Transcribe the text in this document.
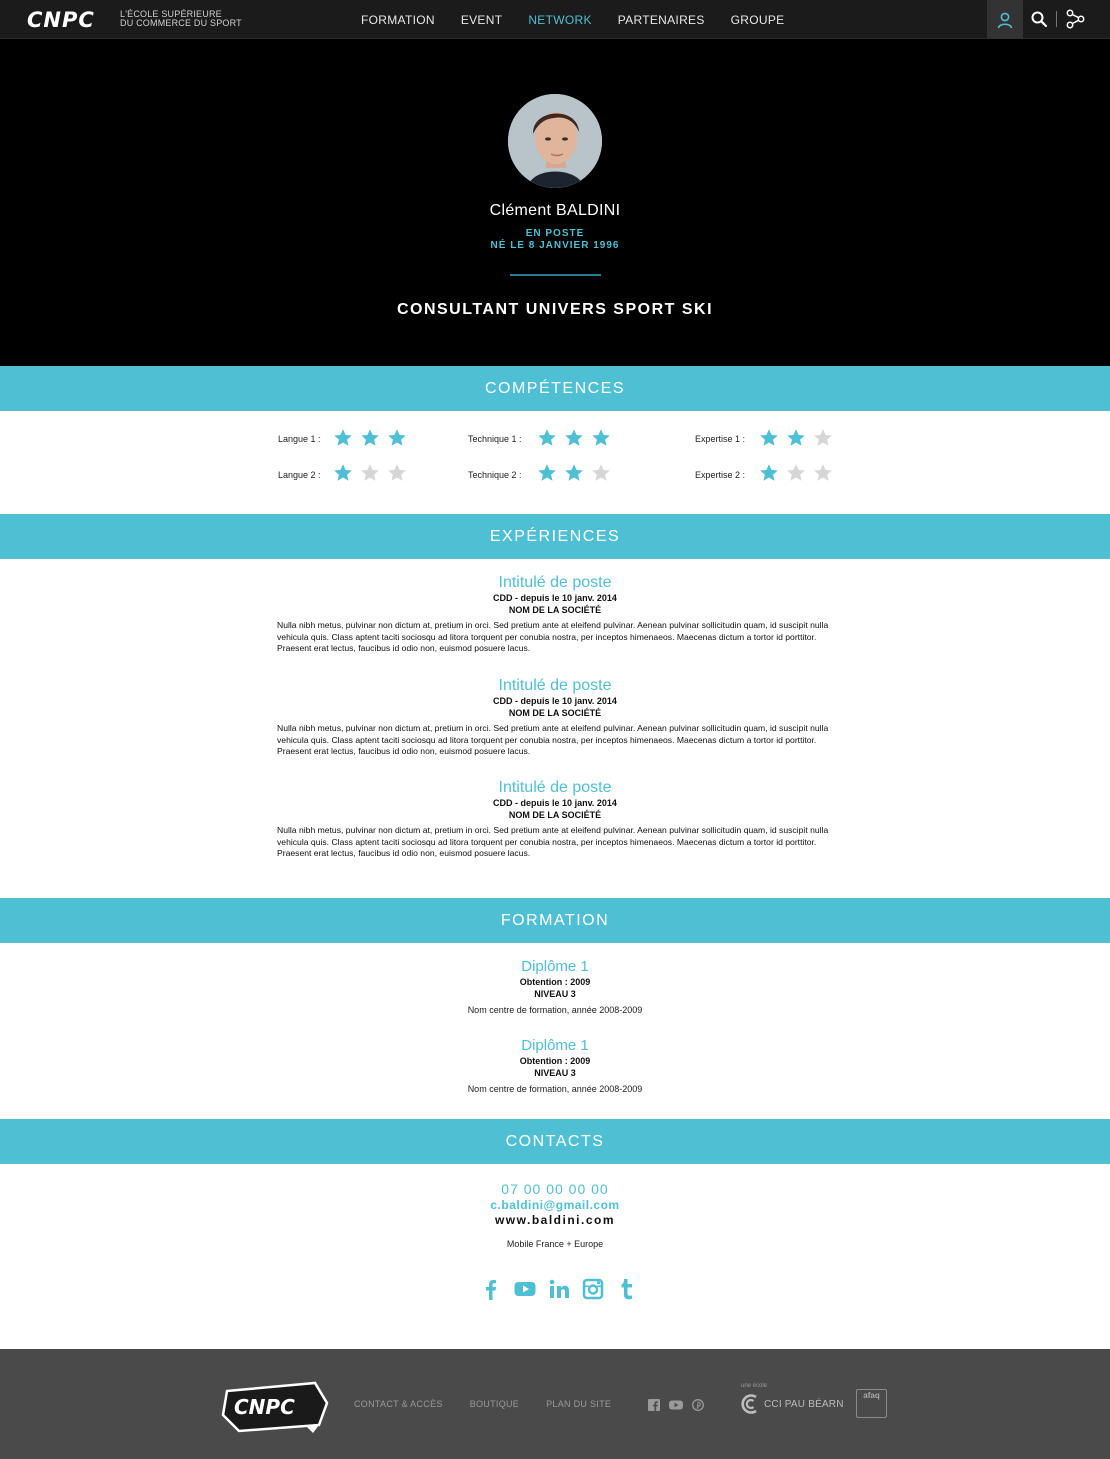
CNPC	L'ÉCOLE SUPÉRIEURE
DU COMMERCE DU SPORT	FORMATION EVENT NETWORK PARTENAIRES GROUPE
Clément BALDINI
EN POSTE
NÉ LE 8 JANVIER 1996
CONSULTANT UNIVERS SPORT SKI
COMPÉTENCES
Langue 1 :	Technique 1 :	Expertise 1 :
Langue 2 :	Technique 2 :	Expertise 2 :
EXPÉRIENCES
Intitulé de poste
CDD - depuis le 10 janv. 2014
NOM DE LA SOCIÉTÉ
Nulla nibh metus, pulvinar non dictum at, pretium in orci. Sed pretium ante at eleifend pulvinar. Aenean pulvinar sollicitudin quam, id suscipit nulla vehicula quis. Class aptent taciti sociosqu ad litora torquent per conubia nostra, per inceptos himenaeos. Maecenas dictum a tortor id porttitor. Praesent erat lectus, faucibus id odio non, euismod posuere lacus.
Intitulé de poste
CDD - depuis le 10 janv. 2014
NOM DE LA SOCIÉTÉ
Nulla nibh metus, pulvinar non dictum at, pretium in orci. Sed pretium ante at eleifend pulvinar. Aenean pulvinar sollicitudin quam, id suscipit nulla vehicula quis. Class aptent taciti sociosqu ad litora torquent per conubia nostra, per inceptos himenaeos. Maecenas dictum a tortor id porttitor. Praesent erat lectus, faucibus id odio non, euismod posuere lacus.
Intitulé de poste
CDD - depuis le 10 janv. 2014
NOM DE LA SOCIÉTÉ
Nulla nibh metus, pulvinar non dictum at, pretium in orci. Sed pretium ante at eleifend pulvinar. Aenean pulvinar sollicitudin quam, id suscipit nulla vehicula quis. Class aptent taciti sociosqu ad litora torquent per conubia nostra, per inceptos himenaeos. Maecenas dictum a tortor id porttitor. Praesent erat lectus, faucibus id odio non, euismod posuere lacus.
FORMATION
Diplôme 1
Obtention : 2009
NIVEAU 3
Nom centre de formation, année 2008-2009
Diplôme 1
Obtention : 2009
NIVEAU 3
Nom centre de formation, année 2008-2009
CONTACTS
07 00 00 00 00
c.baldini@gmail.com
www.baldini.com
Mobile France + Europe
CNPC	CONTACT & ACCÈS	BOUTIQUE	PLAN DU SITE
une école
CCI PAU BÉARN
afaq
